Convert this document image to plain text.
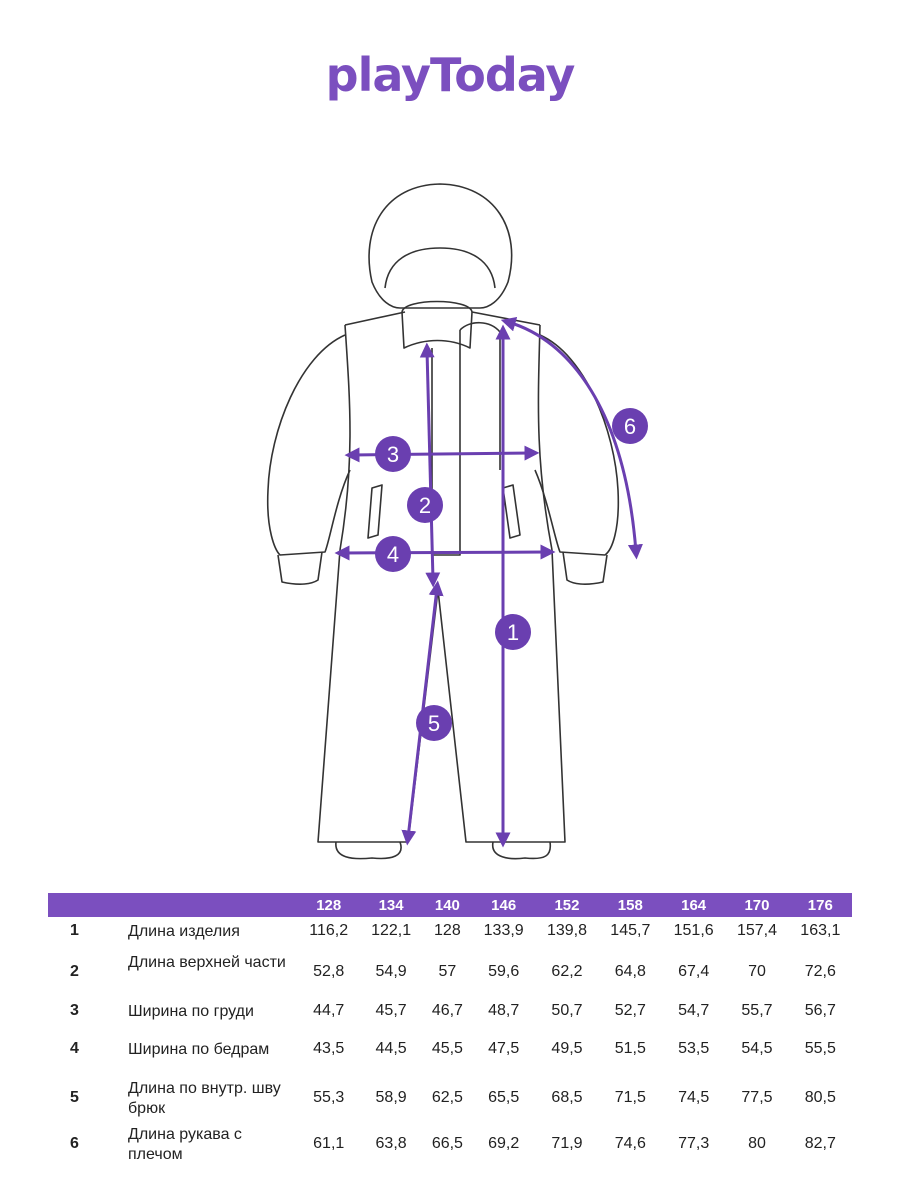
playToday
1
2
3
4
5
6
		128	134	140	146	152	158	164	170	176
1	Длина изделия	116,2	122,1	128	133,9	139,8	145,7	151,6	157,4	163,1
2	Длина верхней части	52,8	54,9	57	59,6	62,2	64,8	67,4	70	72,6
3	Ширина по груди	44,7	45,7	46,7	48,7	50,7	52,7	54,7	55,7	56,7
4	Ширина по бедрам	43,5	44,5	45,5	47,5	49,5	51,5	53,5	54,5	55,5
5	Длина по внутр. шву брюк	55,3	58,9	62,5	65,5	68,5	71,5	74,5	77,5	80,5
6	Длина рукава с плечом	61,1	63,8	66,5	69,2	71,9	74,6	77,3	80	82,7
